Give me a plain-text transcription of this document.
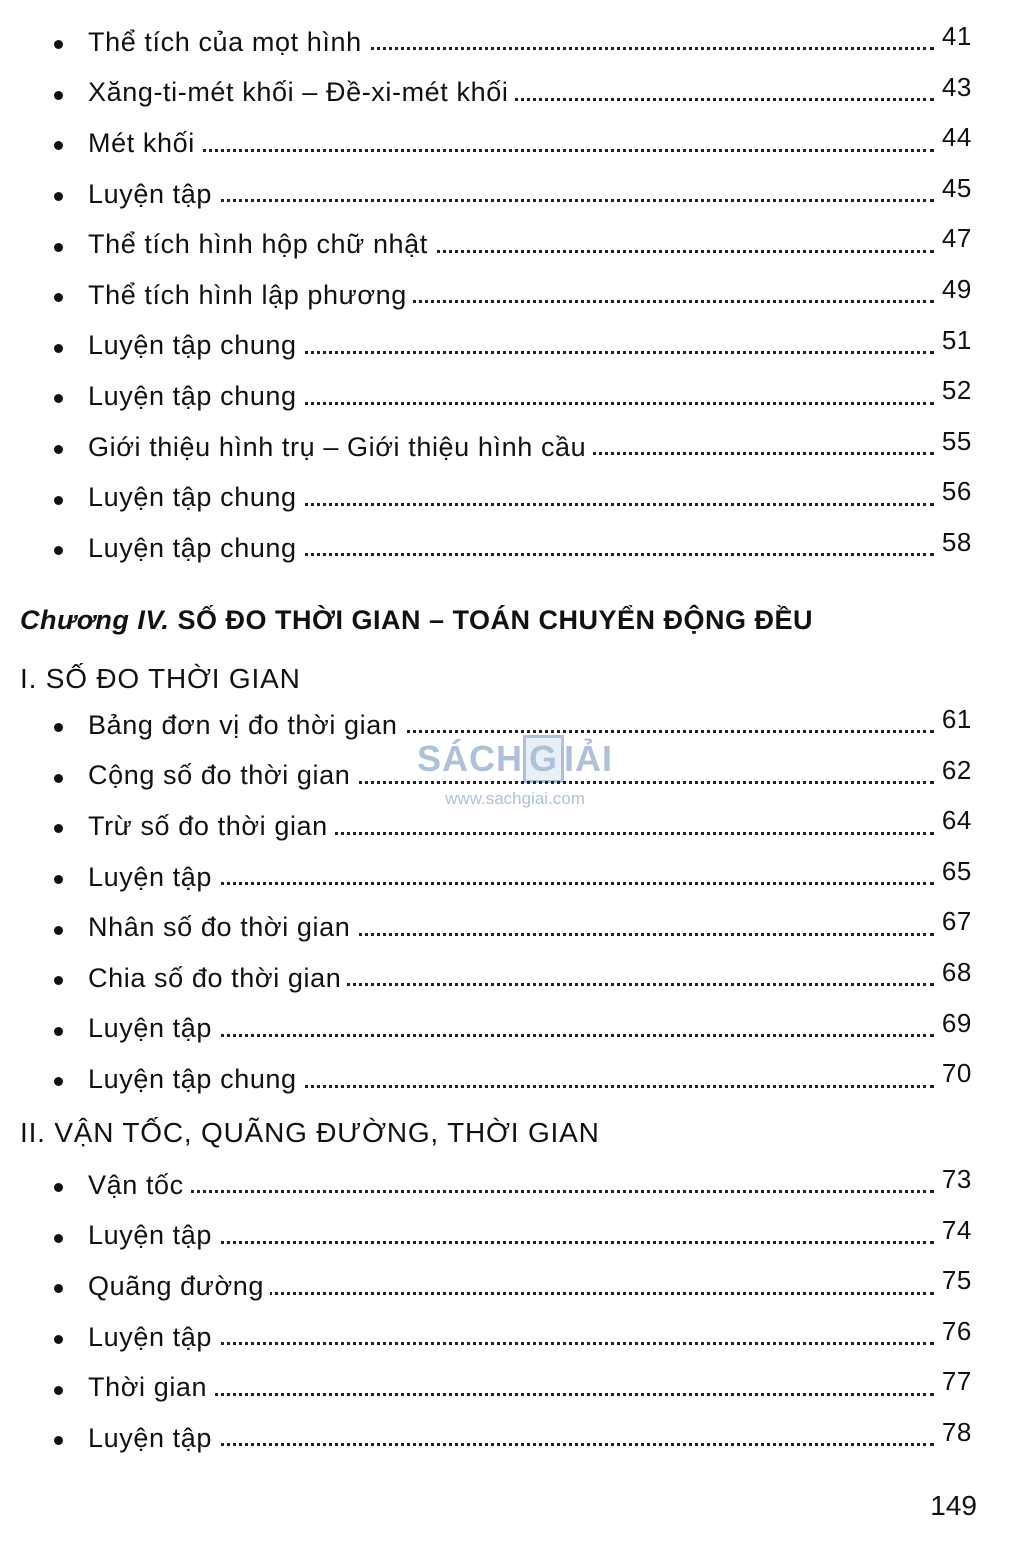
Thể tích của mọt hình	41
Xăng-ti-mét khối – Đề-xi-mét khối	43
Mét khối	44
Luyện tập	45
Thể tích hình hộp chữ nhật	47
Thể tích hình lập phương	49
Luyện tập chung	51
Luyện tập chung	52
Giới thiệu hình trụ – Giới thiệu hình cầu	55
Luyện tập chung	56
Luyện tập chung	58
Chương IV. SỐ ĐO THỜI GIAN – TOÁN CHUYỂN ĐỘNG ĐỀU
I. SỐ ĐO THỜI GIAN
Bảng đơn vị đo thời gian	61
Cộng số đo thời gian	62
Trừ số đo thời gian	64
Luyện tập	65
Nhân số đo thời gian	67
Chia số đo thời gian	68
Luyện tập	69
Luyện tập chung	70
II. VẬN TỐC, QUÃNG ĐƯỜNG, THỜI GIAN
Vận tốc	73
Luyện tập	74
Quãng đường	75
Luyện tập	76
Thời gian	77
Luyện tập	78
SÁCH G IẢI
www.sachgiai.com
149
